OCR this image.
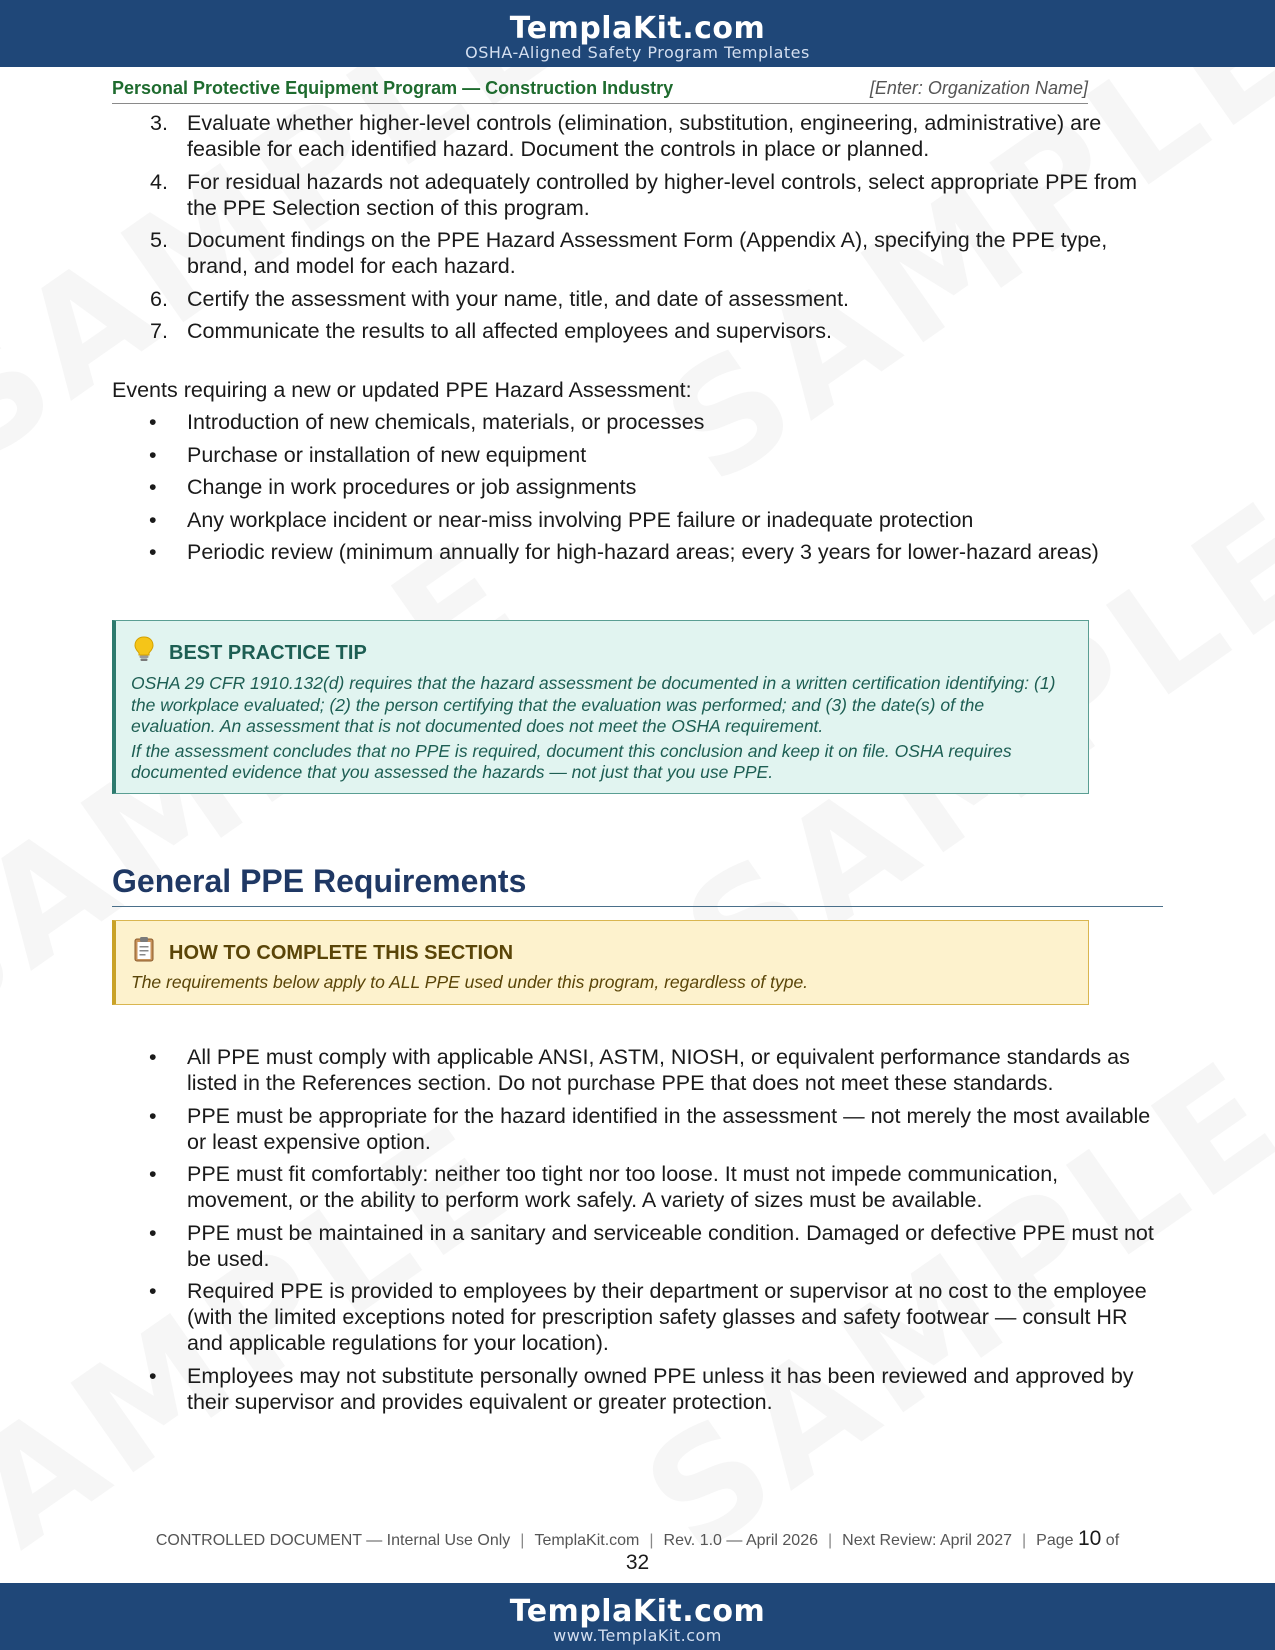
TemplaKit.com
OSHA-Aligned Safety Program Templates
Personal Protective Equipment Program — Construction Industry	[Enter: Organization Name]
3. Evaluate whether higher-level controls (elimination, substitution, engineering, administrative) are feasible for each identified hazard. Document the controls in place or planned.
4. For residual hazards not adequately controlled by higher-level controls, select appropriate PPE from the PPE Selection section of this program.
5. Document findings on the PPE Hazard Assessment Form (Appendix A), specifying the PPE type, brand, and model for each hazard.
6. Certify the assessment with your name, title, and date of assessment.
7. Communicate the results to all affected employees and supervisors.

Events requiring a new or updated PPE Hazard Assessment:

• Introduction of new chemicals, materials, or processes
• Purchase or installation of new equipment
• Change in work procedures or job assignments
• Any workplace incident or near-miss involving PPE failure or inadequate protection
• Periodic review (minimum annually for high-hazard areas; every 3 years for lower-hazard areas)
BEST PRACTICE TIP

OSHA 29 CFR 1910.132(d) requires that the hazard assessment be documented in a written certification identifying: (1) the workplace evaluated; (2) the person certifying that the evaluation was performed; and (3) the date(s) of the evaluation. An assessment that is not documented does not meet the OSHA requirement.

If the assessment concludes that no PPE is required, document this conclusion and keep it on file. OSHA requires documented evidence that you assessed the hazards — not just that you use PPE.

General PPE Requirements
HOW TO COMPLETE THIS SECTION

The requirements below apply to ALL PPE used under this program, regardless of type.

• All PPE must comply with applicable ANSI, ASTM, NIOSH, or equivalent performance standards as listed in the References section. Do not purchase PPE that does not meet these standards.
• PPE must be appropriate for the hazard identified in the assessment — not merely the most available or least expensive option.
• PPE must fit comfortably: neither too tight nor too loose. It must not impede communication, movement, or the ability to perform work safely. A variety of sizes must be available.
• PPE must be maintained in a sanitary and serviceable condition. Damaged or defective PPE must not be used.
• Required PPE is provided to employees by their department or supervisor at no cost to the employee (with the limited exceptions noted for prescription safety glasses and safety footwear — consult HR and applicable regulations for your location).
• Employees may not substitute personally owned PPE unless it has been reviewed and approved by their supervisor and provides equivalent or greater protection.
CONTROLLED DOCUMENT — Internal Use Only | TemplaKit.com | Rev. 1.0 — April 2026 | Next Review: April 2027 | Page 10 of
32
TemplaKit.com
www.TemplaKit.com
